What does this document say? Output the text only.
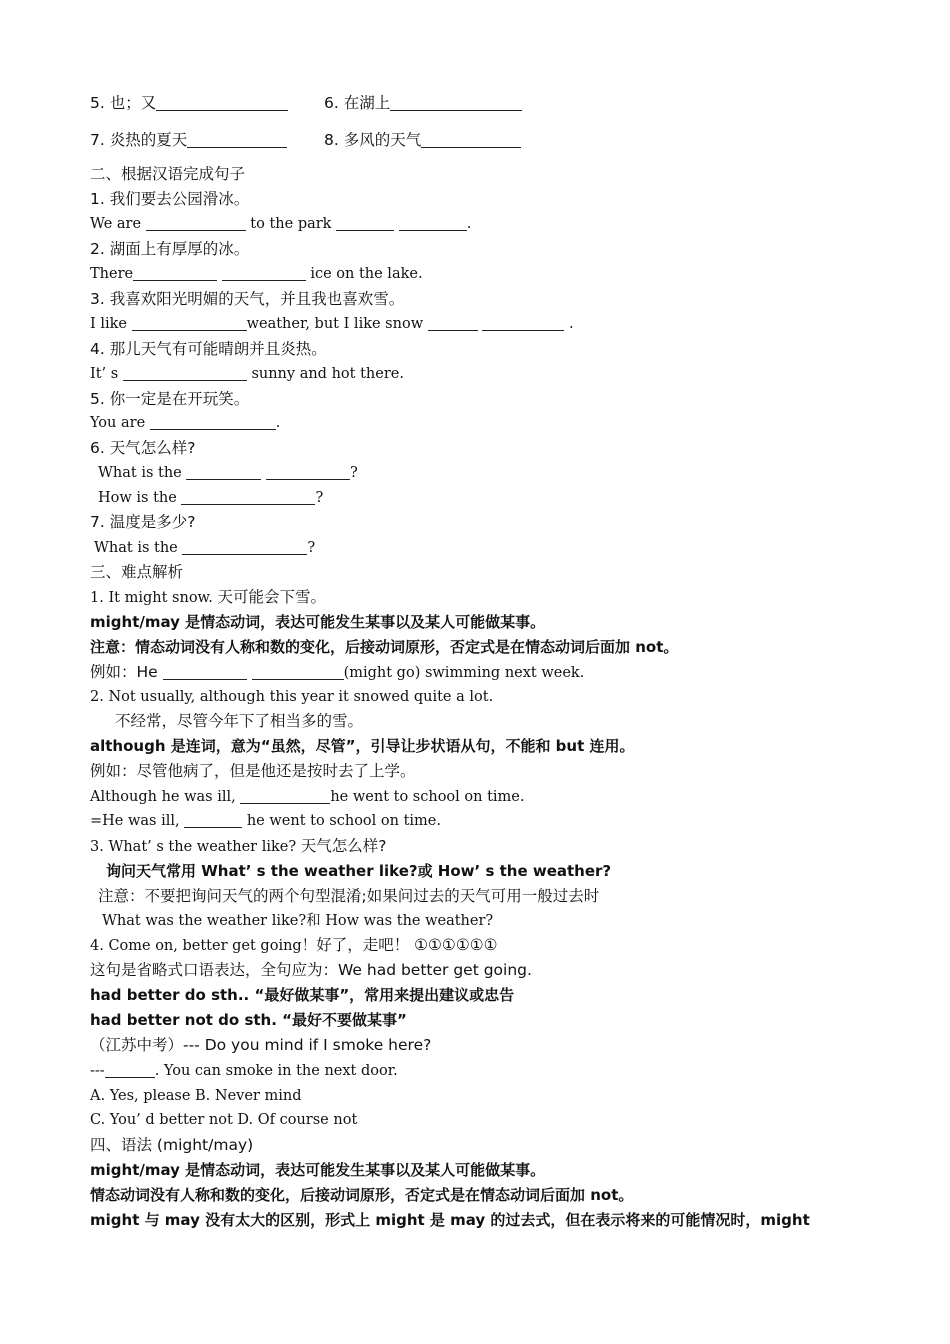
5. 也；又	6. 在湖上
7. 炎热的夏天	8. 多风的天气
二、根据汉语完成句子
1. 我们要去公园滑冰。
We are	to the park	.
2. 湖面上有厚厚的冰。
There	ice on the lake.
3. 我喜欢阳光明媚的天气，并且我也喜欢雪。
I like	weather, but I like snow	.
4. 那儿天气有可能晴朗并且炎热。
It’ s	sunny and hot there.
5. 你一定是在开玩笑。
You are	.
6. 天气怎么样?
What is the	?
How is the	?
7. 温度是多少?
What is the	?
三、难点解析
1. It might snow. 天可能会下雪。
might/may 是情态动词，表达可能发生某事以及某人可能做某事。
注意：情态动词没有人称和数的变化，后接动词原形，否定式是在情态动词后面加 not。
例如：He	(might go) swimming next week.
2. Not usually, although this year it snowed quite a lot.
不经常，尽管今年下了相当多的雪。
although 是连词，意为“虽然，尽管”，引导让步状语从句，不能和 but 连用。
例如：尽管他病了，但是他还是按时去了上学。
Although he was ill,	he went to school on time.
=He was ill,	he went to school on time.
3. What’ s the weather like? 天气怎么样?
询问天气常用 What’ s the weather like?或 How’ s the weather?
注意：不要把询问天气的两个句型混淆;如果问过去的天气可用一般过去时
What was the weather like?和 How was the weather?
4. Come on, better get going！好了，走吧！ ①①①①①①
这句是省略式口语表达，全句应为：We had better get going.
had better do sth.. “最好做某事”，常用来提出建议或忠告
had better not do sth. “最好不要做某事”
（江苏中考）--- Do you mind if I smoke here?
---	. You can smoke in the next door.
A. Yes, please B. Never mind
C. You’ d better not D. Of course not
四、语法 (might/may)
might/may 是情态动词，表达可能发生某事以及某人可能做某事。
情态动词没有人称和数的变化，后接动词原形，否定式是在情态动词后面加 not。
might 与 may 没有太大的区别，形式上 might 是 may 的过去式，但在表示将来的可能情况时，might
